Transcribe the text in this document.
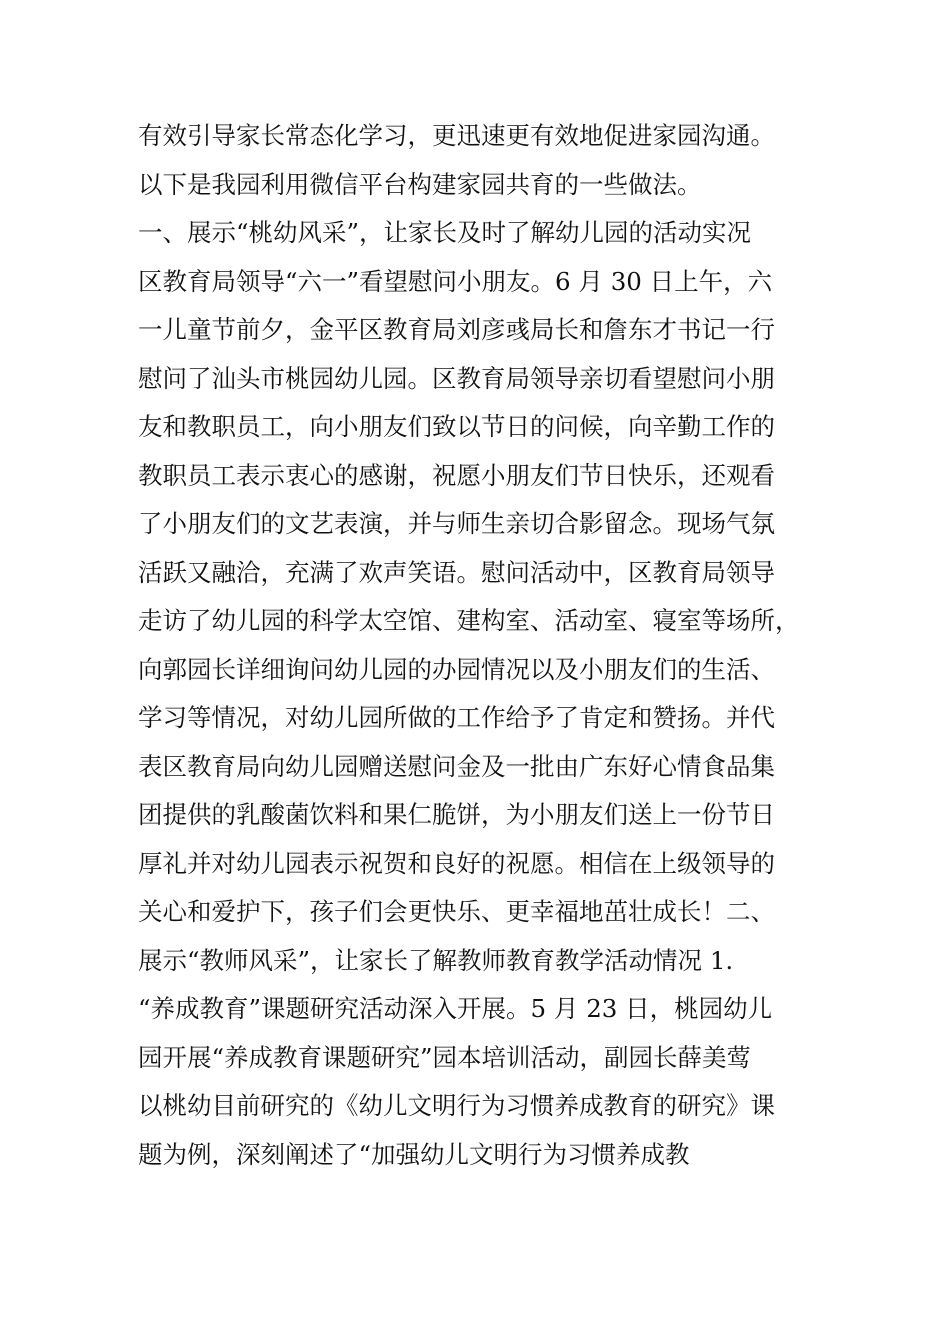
有效引导家长常态化学习，更迅速更有效地促进家园沟通。
以下是我园利用微信平台构建家园共育的一些做法。
一、展示“桃幼风采”，让家长及时了解幼儿园的活动实况
区教育局领导“六一”看望慰问小朋友。6 月 30 日上午，六
一儿童节前夕，金平区教育局刘彦彧局长和詹东才书记一行
慰问了汕头市桃园幼儿园。区教育局领导亲切看望慰问小朋
友和教职员工，向小朋友们致以节日的问候，向辛勤工作的
教职员工表示衷心的感谢，祝愿小朋友们节日快乐，还观看
了小朋友们的文艺表演，并与师生亲切合影留念。现场气氛
活跃又融洽，充满了欢声笑语。慰问活动中，区教育局领导
走访了幼儿园的科学太空馆、建构室、活动室、寝室等场所，
向郭园长详细询问幼儿园的办园情况以及小朋友们的生活、
学习等情况，对幼儿园所做的工作给予了肯定和赞扬。并代
表区教育局向幼儿园赠送慰问金及一批由广东好心情食品集
团提供的乳酸菌饮料和果仁脆饼，为小朋友们送上一份节日
厚礼并对幼儿园表示祝贺和良好的祝愿。相信在上级领导的
关心和爱护下，孩子们会更快乐、更幸福地茁壮成长！二、
展示“教师风采”，让家长了解教师教育教学活动情况 1.
“养成教育”课题研究活动深入开展。5 月 23 日，桃园幼儿
园开展“养成教育课题研究”园本培训活动，副园长薛美莺
以桃幼目前研究的《幼儿文明行为习惯养成教育的研究》课
题为例，深刻阐述了“加强幼儿文明行为习惯养成教
